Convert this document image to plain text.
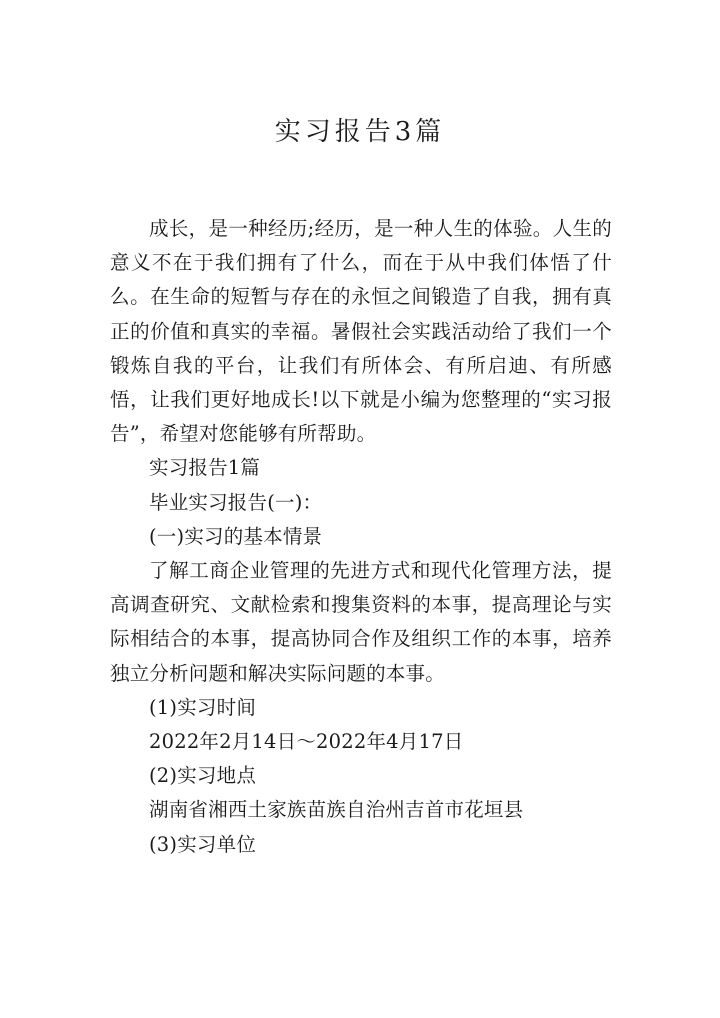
实习报告3篇

成长，是一种经历;经历，是一种人生的体验。人生的意义不在于我们拥有了什么，而在于从中我们体悟了什么。在生命的短暂与存在的永恒之间锻造了自我，拥有真正的价值和真实的幸福。暑假社会实践活动给了我们一个锻炼自我的平台，让我们有所体会、有所启迪、有所感悟，让我们更好地成长!以下就是小编为您整理的“实习报告”，希望对您能够有所帮助。

实习报告1篇

毕业实习报告(一)：

(一)实习的基本情景

了解工商企业管理的先进方式和现代化管理方法，提高调查研究、文献检索和搜集资料的本事，提高理论与实际相结合的本事，提高协同合作及组织工作的本事，培养独立分析问题和解决实际问题的本事。

(1)实习时间

2022年2月14日～2022年4月17日

(2)实习地点

湖南省湘西土家族苗族自治州吉首市花垣县

(3)实习单位
